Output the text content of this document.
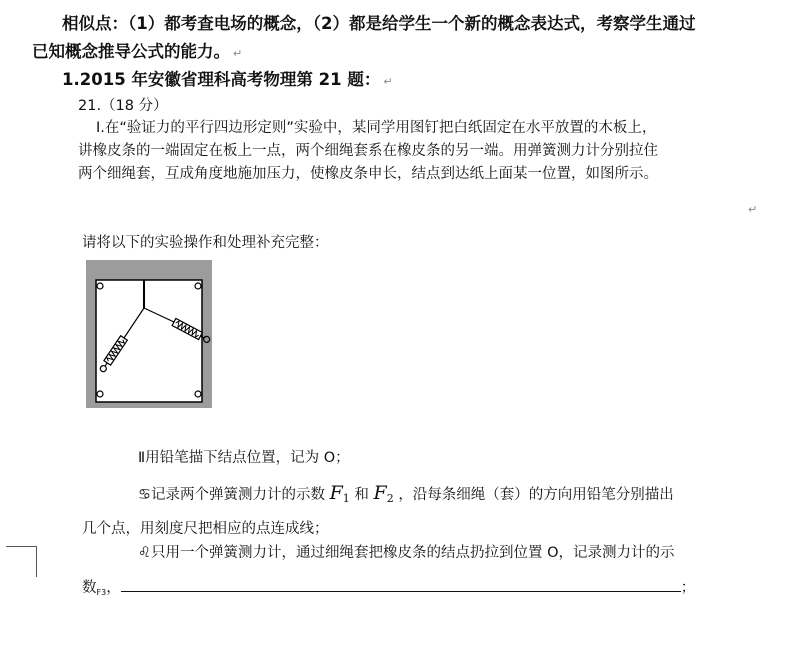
相似点：（1）都考查电场的概念，（2）都是给学生一个新的概念表达式，考察学生通过
已知概念推导公式的能力。 ↵
1.2015 年安徽省理科高考物理第 21 题： ↵
21.（18 分）
Ⅰ.在“验证力的平行四边形定则”实验中，某同学用图钉把白纸固定在水平放置的木板上，
讲橡皮条的一端固定在板上一点，两个细绳套系在橡皮条的另一端。用弹簧测力计分别拉住
两个细绳套，互成角度地施加压力，使橡皮条申长，结点到达纸上面某一位置，如图所示。
↵
请将以下的实验操作和处理补充完整：
Ⅱ用铅笔描下结点位置，记为 O；
♋记录两个弹簧测力计的示数 $F_1$ 和 $F_2$ ，沿每条细绳（套）的方向用铅笔分别描出
几个点，用刻度尺把相应的点连成线；
♌只用一个弹簧测力计，通过细绳套把橡皮条的结点扔拉到位置 O，记录测力计的示
数$_{F3}$，	；
